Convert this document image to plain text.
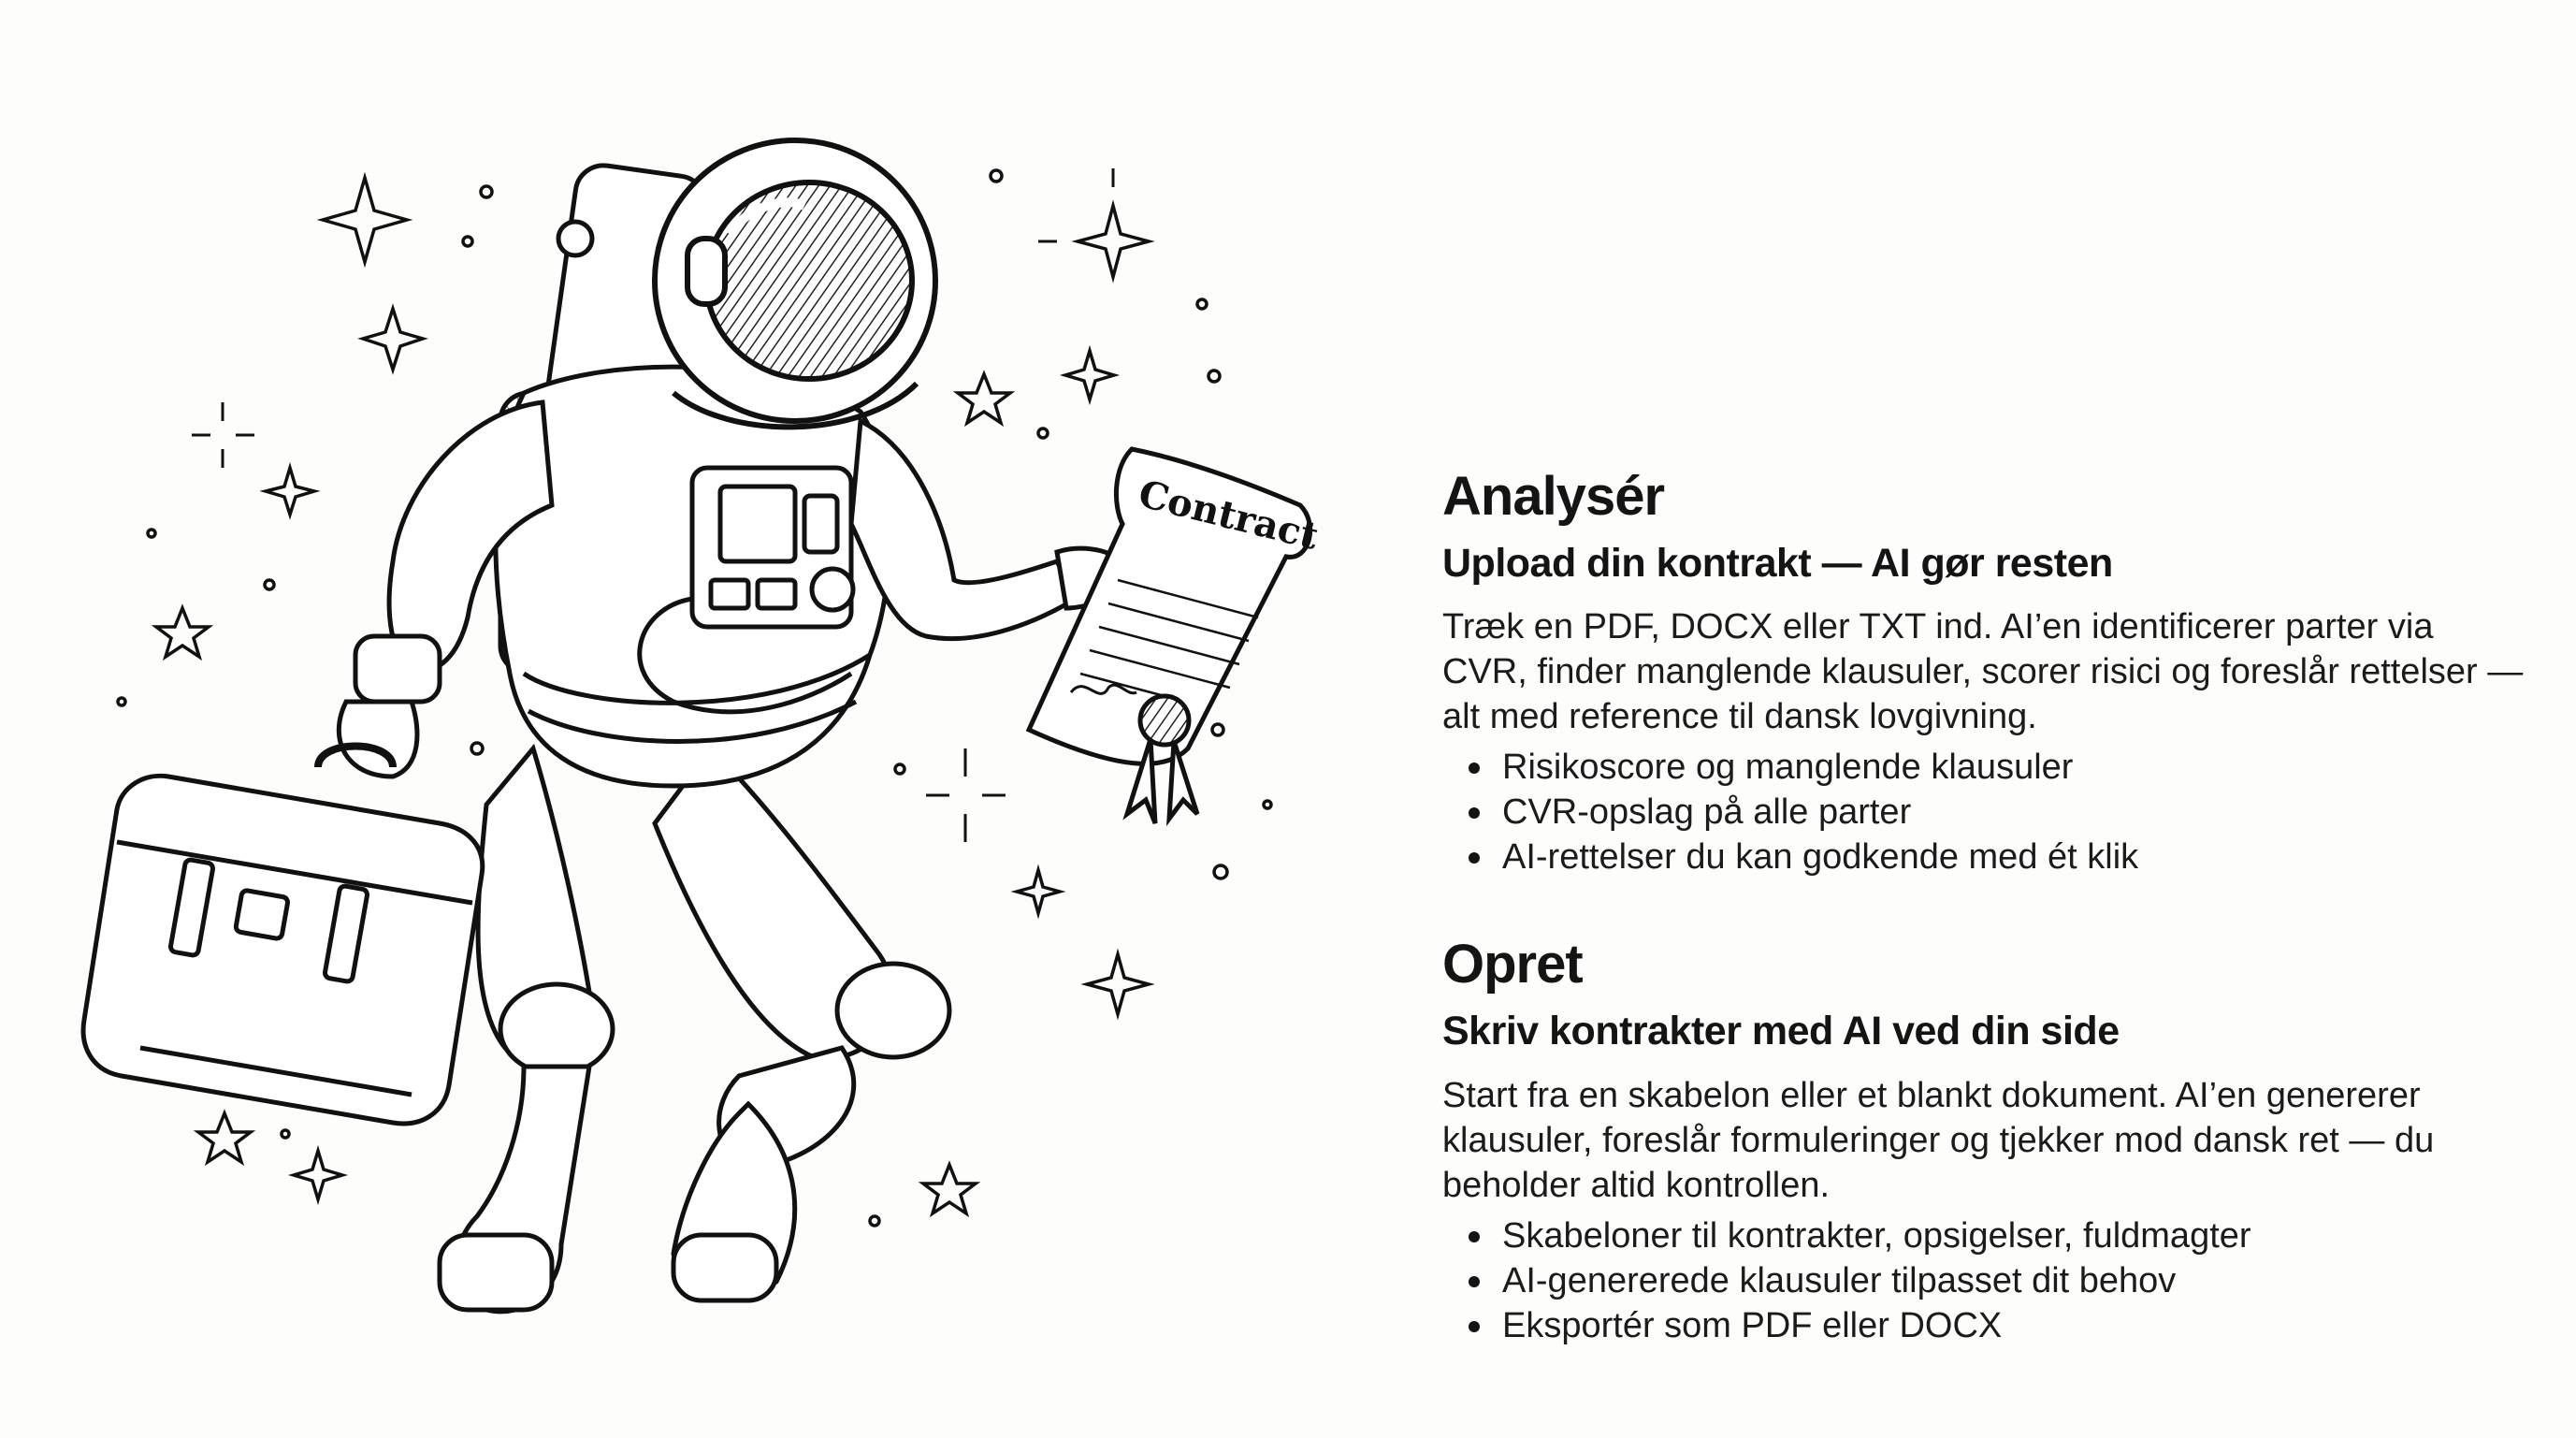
Contract Analysér
Upload din kontrakt — AI gør resten

Træk en PDF, DOCX eller TXT ind. AI’en identificerer parter via CVR, finder manglende klausuler, scorer risici og foreslår rettelser — alt med reference til dansk lovgivning.

Risikoscore og manglende klausuler
CVR-opslag på alle parter
AI-rettelser du kan godkende med ét klik
Opret
Skriv kontrakter med AI ved din side

Start fra en skabelon eller et blankt dokument. AI’en genererer klausuler, foreslår formuleringer og tjekker mod dansk ret — du beholder altid kontrollen.

Skabeloner til kontrakter, opsigelser, fuldmagter
AI-genererede klausuler tilpasset dit behov
Eksportér som PDF eller DOCX
